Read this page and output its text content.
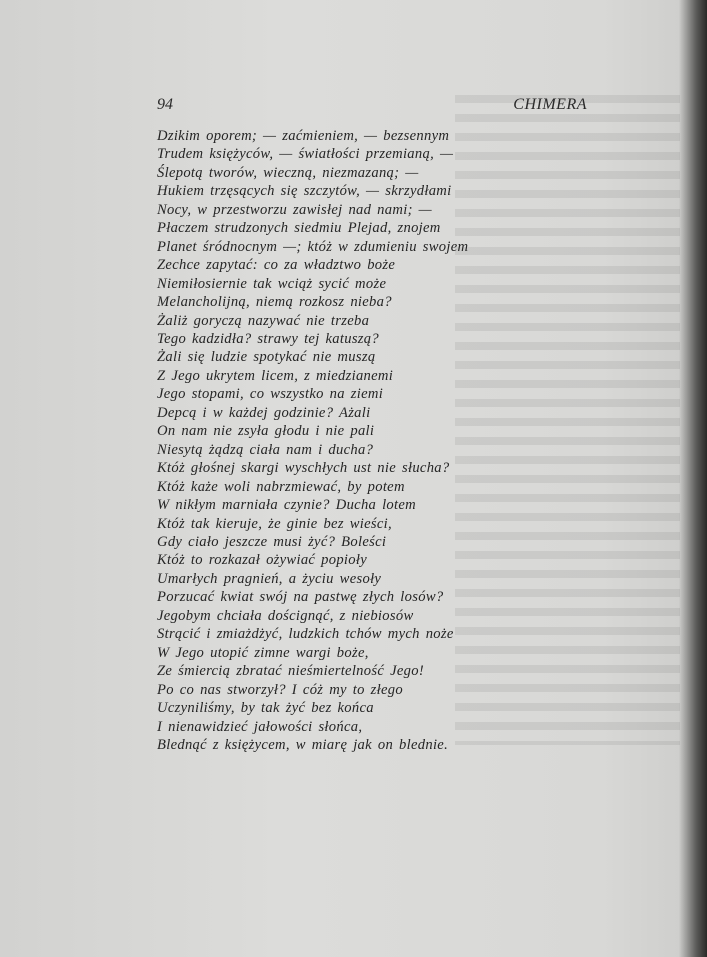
94	CHIMERA
Dzikim oporem; — zaćmieniem, — bezsennym
Trudem księżyców, — światłości przemianą, —
Ślepotą tworów, wieczną, niezmazaną; —
Hukiem trzęsących się szczytów, — skrzydłami
Nocy, w przestworzu zawisłej nad nami; —
Płaczem strudzonych siedmiu Plejad, znojem
Planet śródnocnym —; któż w zdumieniu swojem
Zechce zapytać: co za władztwo boże
Niemiłosiernie tak wciąż sycić może
Melancholijną, niemą rozkosz nieba?
Żaliż goryczą nazywać nie trzeba
Tego kadzidła? strawy tej katuszą?
Żali się ludzie spotykać nie muszą
Z Jego ukrytem licem, z miedzianemi
Jego stopami, co wszystko na ziemi
Depcą i w każdej godzinie? Ażali
On nam nie zsyła głodu i nie pali
Niesytą żądzą ciała nam i ducha?
Któż głośnej skargi wyschłych ust nie słucha?
Któż każe woli nabrzmiewać, by potem
W nikłym marniała czynie? Ducha lotem
Któż tak kieruje, że ginie bez wieści,
Gdy ciało jeszcze musi żyć? Boleści
Któż to rozkazał ożywiać popioły
Umarłych pragnień, a życiu wesoły
Porzucać kwiat swój na pastwę złych losów?
Jegobym chciała doścignąć, z niebiosów
Strącić i zmiażdżyć, ludzkich tchów mych noże
W Jego utopić zimne wargi boże,
Ze śmiercią zbratać nieśmiertelność Jego!
Po co nas stworzył? I cóż my to złego
Uczyniliśmy, by tak żyć bez końca
I nienawidzieć jałowości słońca,
Blednąć z księżycem, w miarę jak on blednie.
